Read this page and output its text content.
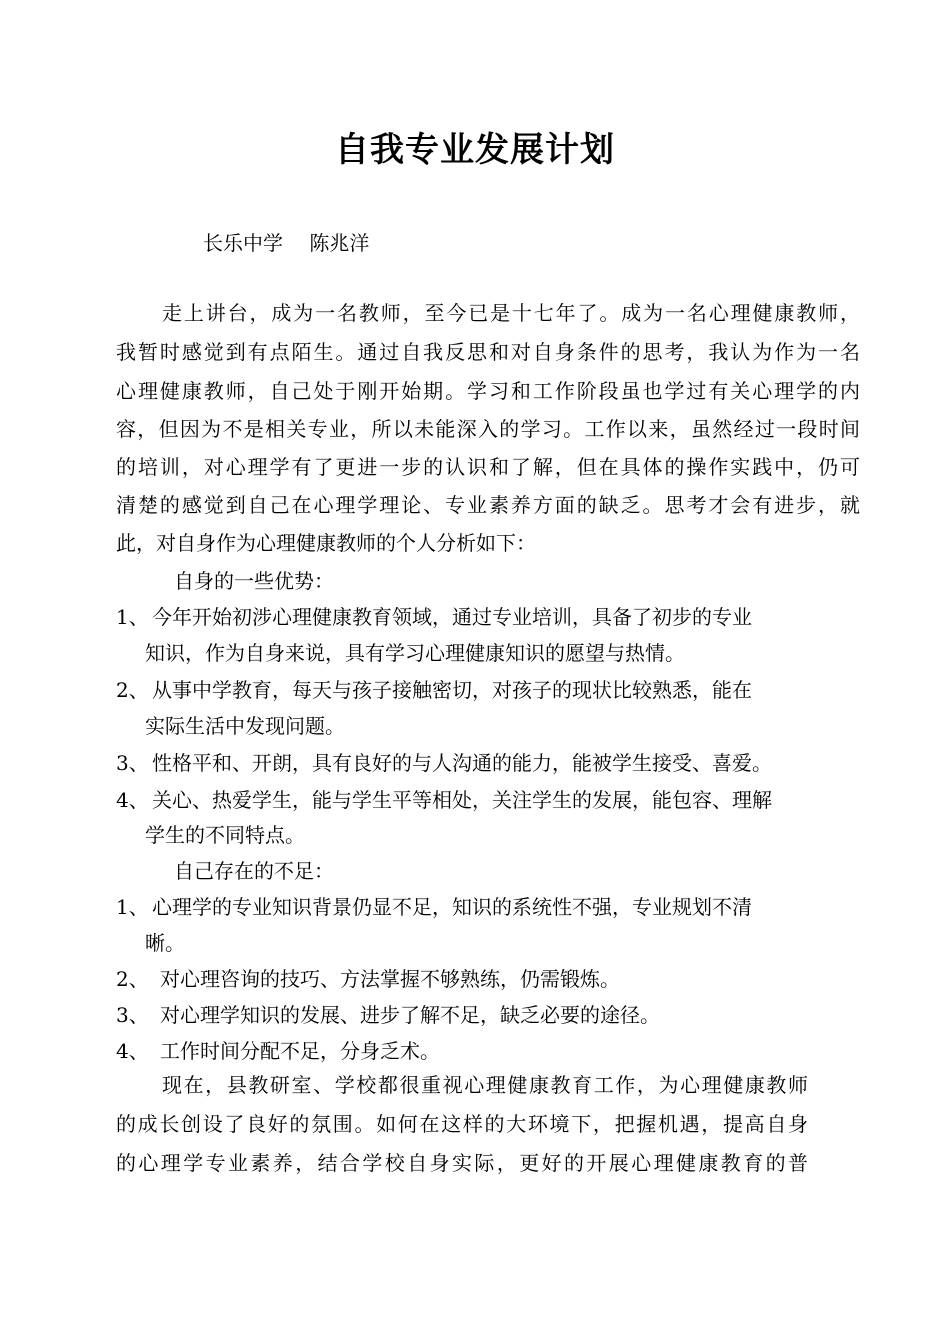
自我专业发展计划

长乐中学　 陈兆洋

走上讲台，成为一名教师，至今已是十七年了。成为一名心理健康教师，

我暂时感觉到有点陌生。通过自我反思和对自身条件的思考，我认为作为一名

心理健康教师，自己处于刚开始期。学习和工作阶段虽也学过有关心理学的内

容，但因为不是相关专业，所以未能深入的学习。工作以来，虽然经过一段时间

的培训，对心理学有了更进一步的认识和了解，但在具体的操作实践中，仍可

清楚的感觉到自己在心理学理论、专业素养方面的缺乏。思考才会有进步，就

此，对自身作为心理健康教师的个人分析如下：

自身的一些优势：

1、 今年开始初涉心理健康教育领域，通过专业培训，具备了初步的专业

知识，作为自身来说，具有学习心理健康知识的愿望与热情。

2、 从事中学教育，每天与孩子接触密切，对孩子的现状比较熟悉，能在

实际生活中发现问题。

3、 性格平和、开朗，具有良好的与人沟通的能力，能被学生接受、喜爱。

4、 关心、热爱学生，能与学生平等相处，关注学生的发展，能包容、理解

学生的不同特点。

自己存在的不足：

1、 心理学的专业知识背景仍显不足，知识的系统性不强，专业规划不清

晰。

2、 对心理咨询的技巧、方法掌握不够熟练，仍需锻炼。

3、 对心理学知识的发展、进步了解不足，缺乏必要的途径。

4、 工作时间分配不足，分身乏术。

现在，县教研室、学校都很重视心理健康教育工作，为心理健康教师

的成长创设了良好的氛围。如何在这样的大环境下，把握机遇，提高自身

的心理学专业素养，结合学校自身实际，更好的开展心理健康教育的普
